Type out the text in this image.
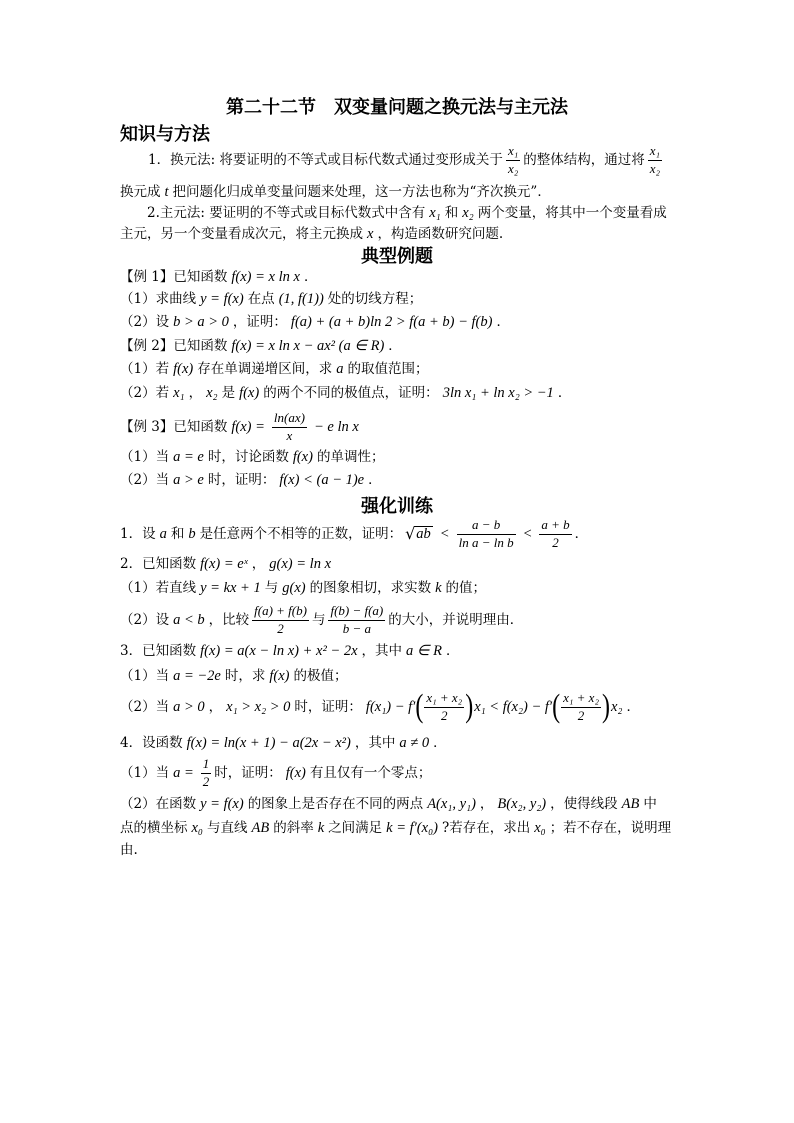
第二十二节　双变量问题之换元法与主元法
知识与方法
1．换元法: 将要证明的不等式或目标代数式通过变形成关于 $\frac{\text{x₁}}{\text{x₂}}$ 的整体结构，通过将 $\frac{\text{x₁}}{\text{x₂}}$
换元成 t 把问题化归成单变量问题来处理，这一方法也称为“齐次换元”．
2.主元法: 要证明的不等式或目标代数式中含有 x₁ 和 x₂ 两个变量，将其中一个变量看成
主元，另一个变量看成次元，将主元换成 x ，构造函数研究问题.
典型例题
【例 1】已知函数 f(x) = x ln x ．
（1）求曲线 y = f(x) 在点 (1, f(1)) 处的切线方程；
（2）设 b > a > 0 ，证明： f(a) + (a + b)ln 2 > f(a + b) − f(b) ．
【例 2】已知函数 f(x) = x ln x − ax² (a ∈ R) ．
（1）若 f(x) 存在单调递增区间，求 a 的取值范围；
（2）若 x₁ ， x₂ 是 f(x) 的两个不同的极值点，证明： 3ln x₁ + ln x₂ > −1 ．
【例 3】已知函数 $f(x) = \frac{\ln(ax)}{x} - e$ ln x
（1）当 a = e 时，讨论函数 f(x) 的单调性；
（2）当 a > e 时，证明： f(x) < (a − 1)e ．
强化训练
1．设 a 和 b 是任意两个不相等的正数，证明： √ ab < $\frac{a - b}{\text{ln a − ln b}} < \frac{a + b}{2}$ ．
2．已知函数 f(x) = eˣ ， g(x) = ln x
（1）若直线 y = kx + 1 与 g(x) 的图象相切，求实数 k 的值；
（2）设 a < b ，比较 $\frac{f(a) + f(b)}{2}$ 与 $\frac{f(b) - f(a)}{b - a}$ 的大小，并说明理由．
3．已知函数 f(x) = a(x − ln x) + x² − 2x ，其中 a ∈ R ．
（1）当 a = −2e 时，求 f(x) 的极值；
（2）当 a > 0 ， x₁ > x₂ > 0 时，证明： f(x₁) − f′ ( $\frac{\text{x₁ + x₂}}{2}$ ) x₁ < f(x₂) − f′ ( $\frac{\text{x₁ + x₂}}{2}$ ) x₂ ．
4．设函数 f(x) = ln(x + 1) − a(2x − x²) ，其中 a ≠ 0 ．
（1）当 $a = \frac{1}{2}$ 时，证明： f(x) 有且仅有一个零点；
（2）在函数 y = f(x) 的图象上是否存在不同的两点 A(x₁, y₁) ， B(x₂, y₂) ，使得线段 AB 中
点的横坐标 x₀ 与直线 AB 的斜率 k 之间满足 k = f′(x₀) ?若存在，求出 x₀ ；若不存在，说明理
由.
